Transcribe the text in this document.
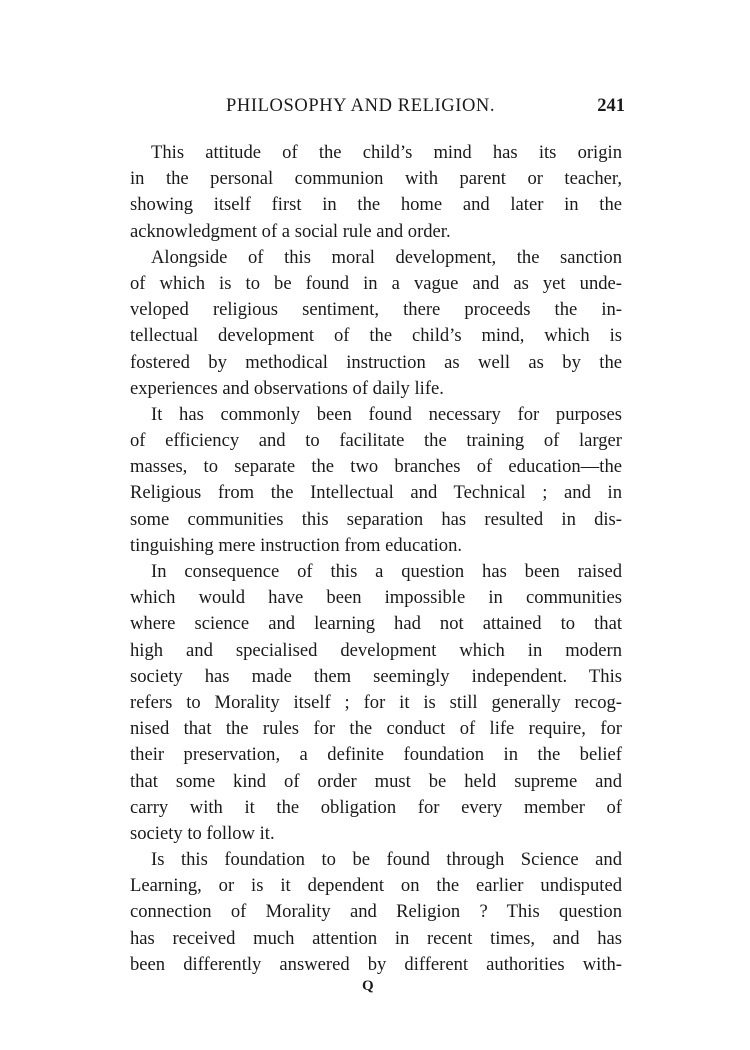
PHILOSOPHY AND RELIGION.	241
This attitude of the child’s mind has its origin
in the personal communion with parent or teacher,
showing itself first in the home and later in the
acknowledgment of a social rule and order.
Alongside of this moral development, the sanction
of which is to be found in a vague and as yet unde-
veloped religious sentiment, there proceeds the in-
tellectual development of the child’s mind, which is
fostered by methodical instruction as well as by the
experiences and observations of daily life.
It has commonly been found necessary for purposes
of efficiency and to facilitate the training of larger
masses, to separate the two branches of education—the
Religious from the Intellectual and Technical ; and in
some communities this separation has resulted in dis-
tinguishing mere instruction from education.
In consequence of this a question has been raised
which would have been impossible in communities
where science and learning had not attained to that
high and specialised development which in modern
society has made them seemingly independent. This
refers to Morality itself ; for it is still generally recog-
nised that the rules for the conduct of life require, for
their preservation, a definite foundation in the belief
that some kind of order must be held supreme and
carry with it the obligation for every member of
society to follow it.
Is this foundation to be found through Science and
Learning, or is it dependent on the earlier undisputed
connection of Morality and Religion ? This question
has received much attention in recent times, and has
been differently answered by different authorities with-
Q
